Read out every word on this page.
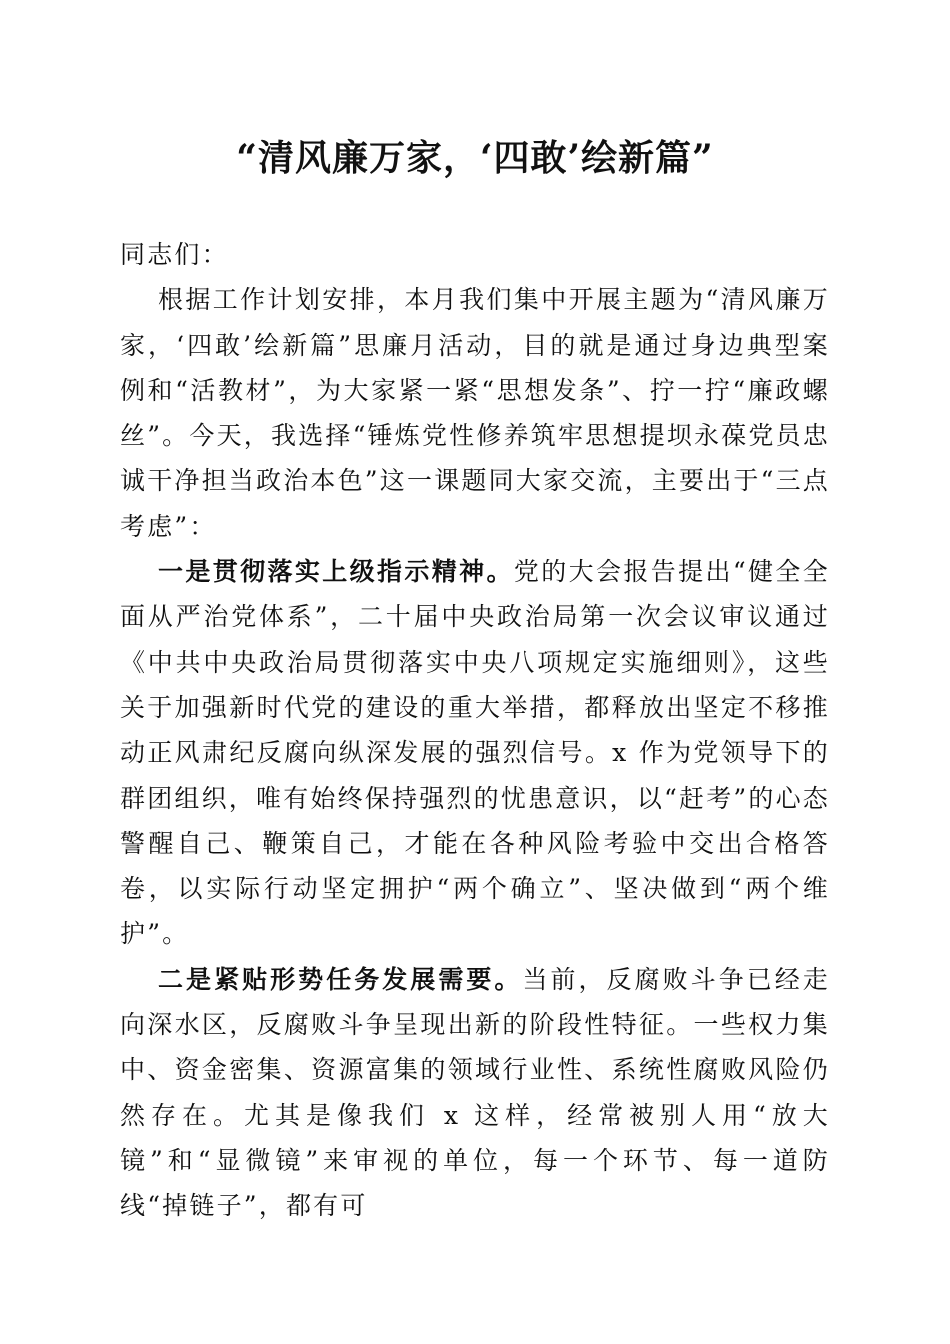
“清风廉万家，‘四敢’绘新篇”

同志们：

根据工作计划安排，本月我们集中开展主题为“清风廉万家，‘四敢’绘新篇”思廉月活动，目的就是通过身边典型案例和“活教材”，为大家紧一紧“思想发条”、拧一拧“廉政螺丝”。今天，我选择“锤炼党性修养筑牢思想提坝永葆党员忠诚干净担当政治本色”这一课题同大家交流，主要出于“三点考虑”：

一是贯彻落实上级指示精神。党的大会报告提出“健全全面从严治党体系”，二十届中央政治局第一次会议审议通过《中共中央政治局贯彻落实中央八项规定实施细则》，这些关于加强新时代党的建设的重大举措，都释放出坚定不移推动正风肃纪反腐向纵深发展的强烈信号。x 作为党领导下的群团组织，唯有始终保持强烈的忧患意识，以“赶考”的心态警醒自己、鞭策自己，才能在各种风险考验中交出合格答卷，以实际行动坚定拥护“两个确立”、坚决做到“两个维护”。

二是紧贴形势任务发展需要。当前，反腐败斗争已经走向深水区，反腐败斗争呈现出新的阶段性特征。一些权力集中、资金密集、资源富集的领域行业性、系统性腐败风险仍然存在。尤其是像我们 x 这样，经常被别人用“放大镜”和“显微镜”来审视的单位，每一个环节、每一道防线“掉链子”，都有可
